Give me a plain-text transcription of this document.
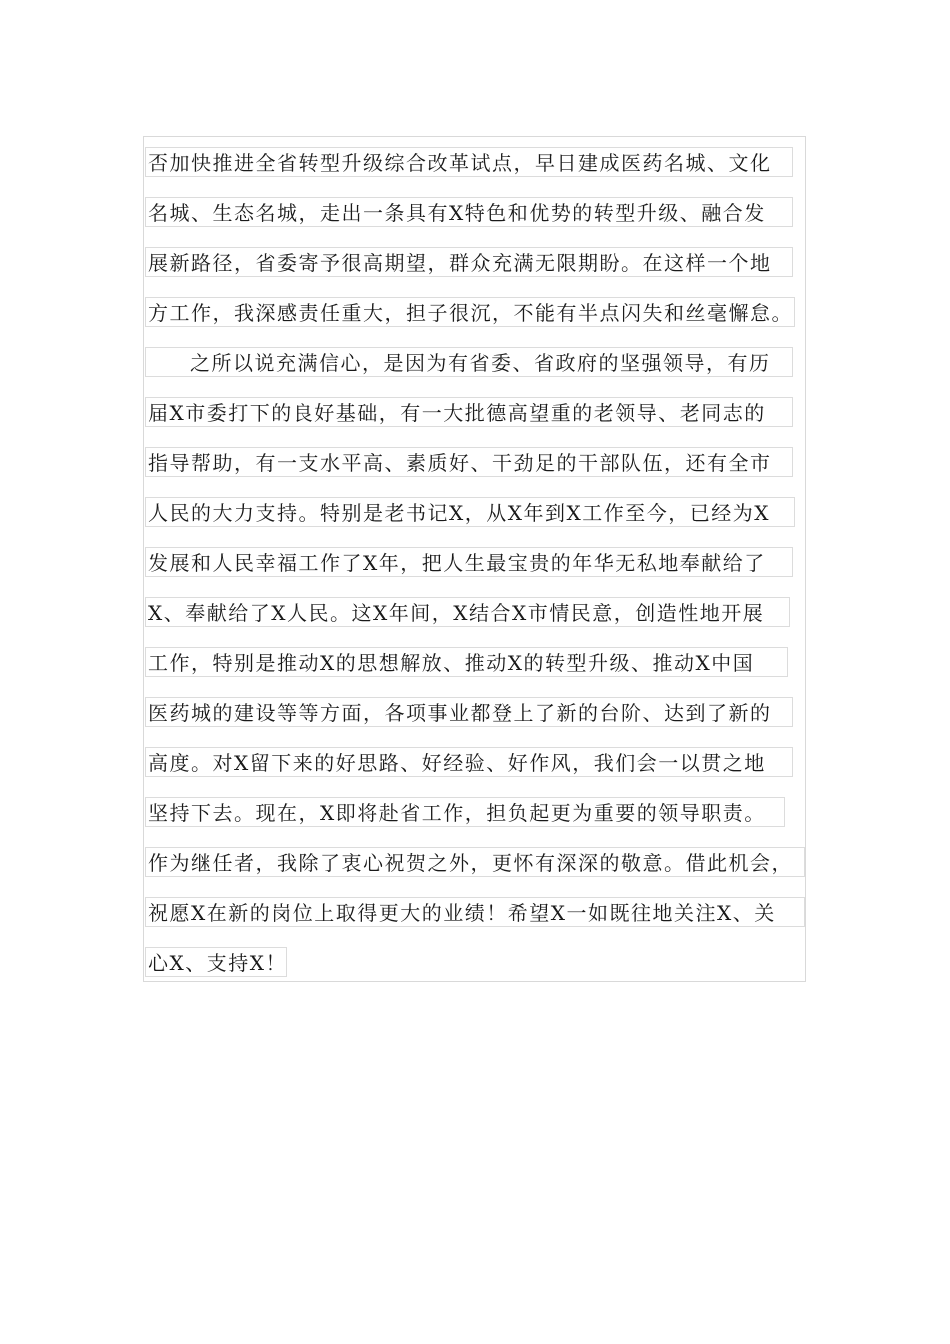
否加快推进全省转型升级综合改革试点，早日建成医药名城、文化
名城、生态名城，走出一条具有X特色和优势的转型升级、融合发
展新路径，省委寄予很高期望，群众充满无限期盼。在这样一个地
方工作，我深感责任重大，担子很沉，不能有半点闪失和丝毫懈怠。
之所以说充满信心，是因为有省委、省政府的坚强领导，有历
届X市委打下的良好基础，有一大批德高望重的老领导、老同志的
指导帮助，有一支水平高、素质好、干劲足的干部队伍，还有全市
人民的大力支持。特别是老书记X，从X年到X工作至今，已经为X
发展和人民幸福工作了X年，把人生最宝贵的年华无私地奉献给了
X、奉献给了X人民。这X年间，X结合X市情民意，创造性地开展
工作，特别是推动X的思想解放、推动X的转型升级、推动X中国
医药城的建设等等方面，各项事业都登上了新的台阶、达到了新的
高度。对X留下来的好思路、好经验、好作风，我们会一以贯之地
坚持下去。现在，X即将赴省工作，担负起更为重要的领导职责。
作为继任者，我除了衷心祝贺之外，更怀有深深的敬意。借此机会，
祝愿X在新的岗位上取得更大的业绩！希望X一如既往地关注X、关
心X、支持X！
